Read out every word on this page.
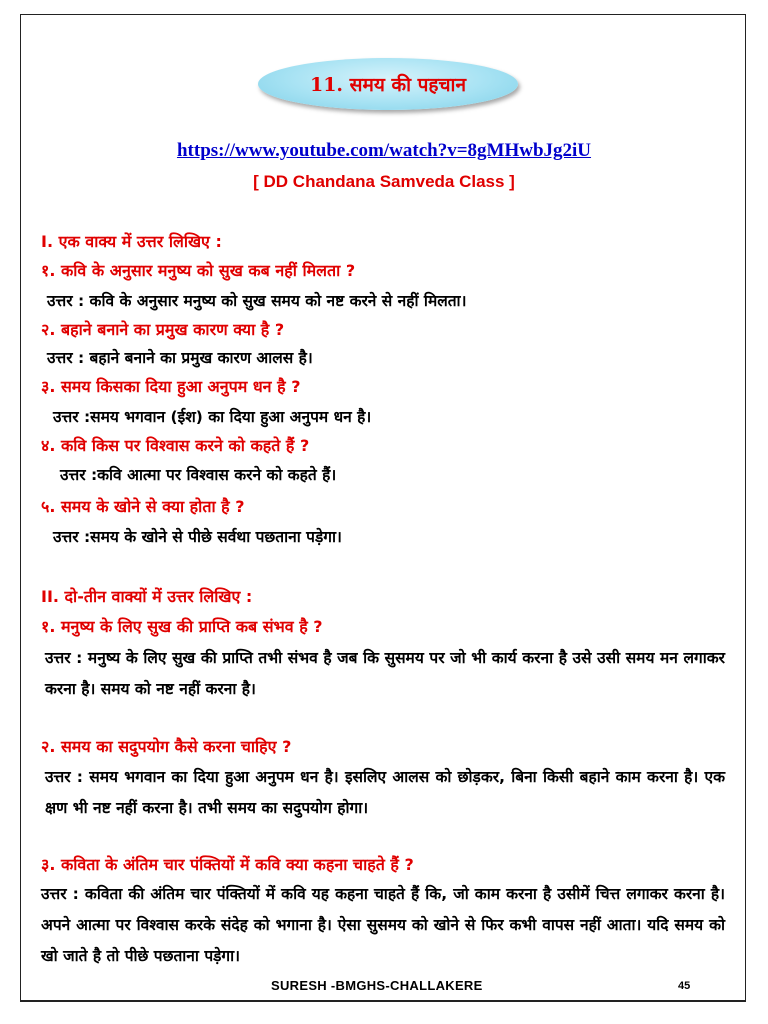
11. समय की पहचान
https://www.youtube.com/watch?v=8gMHwbJg2iU
[ DD Chandana Samveda Class ]
I. एक वाक्य में उत्तर लिखिए :
१. कवि के अनुसार मनुष्य को सुख कब नहीं मिलता ?
उत्तर : कवि के अनुसार मनुष्य को सुख समय को नष्ट करने से नहीं मिलता।
२. बहाने बनाने का प्रमुख कारण क्या है ?
उत्तर : बहाने बनाने का प्रमुख कारण आलस है।
३. समय किसका दिया हुआ अनुपम धन है ?
उत्तर :समय भगवान (ईश) का दिया हुआ अनुपम धन है।
४. कवि किस पर विश्वास करने को कहते हैं ?
उत्तर :कवि आत्मा पर विश्वास करने को कहते हैं।
५. समय के खोने से क्या होता है ?
उत्तर :समय के खोने से पीछे सर्वथा पछताना पड़ेगा।
II. दो-तीन वाक्यों में उत्तर लिखिए :
१. मनुष्य के लिए सुख की प्राप्ति कब संभव है ?
उत्तर : मनुष्य के लिए सुख की प्राप्ति तभी संभव है जब कि सुसमय पर जो भी कार्य करना है उसे उसी समय मन लगाकर करना है। समय को नष्ट नहीं करना है।
२. समय का सदुपयोग कैसे करना चाहिए ?
उत्तर : समय भगवान का दिया हुआ अनुपम धन है। इसलिए आलस को छोड़कर, बिना किसी बहाने काम करना है। एक क्षण भी नष्ट नहीं करना है। तभी समय का सदुपयोग होगा।
३. कविता के अंतिम चार पंक्तियों में कवि क्या कहना चाहते हैं ?
उत्तर : कविता की अंतिम चार पंक्तियों में कवि यह कहना चाहते हैं कि, जो काम करना है उसीमें चित्त लगाकर करना है। अपने आत्मा पर विश्वास करके संदेह को भगाना है। ऐसा सुसमय को खोने से फिर कभी वापस नहीं आता। यदि समय को खो जाते है तो पीछे पछताना पड़ेगा।
SURESH -BMGHS-CHALLAKERE	45
